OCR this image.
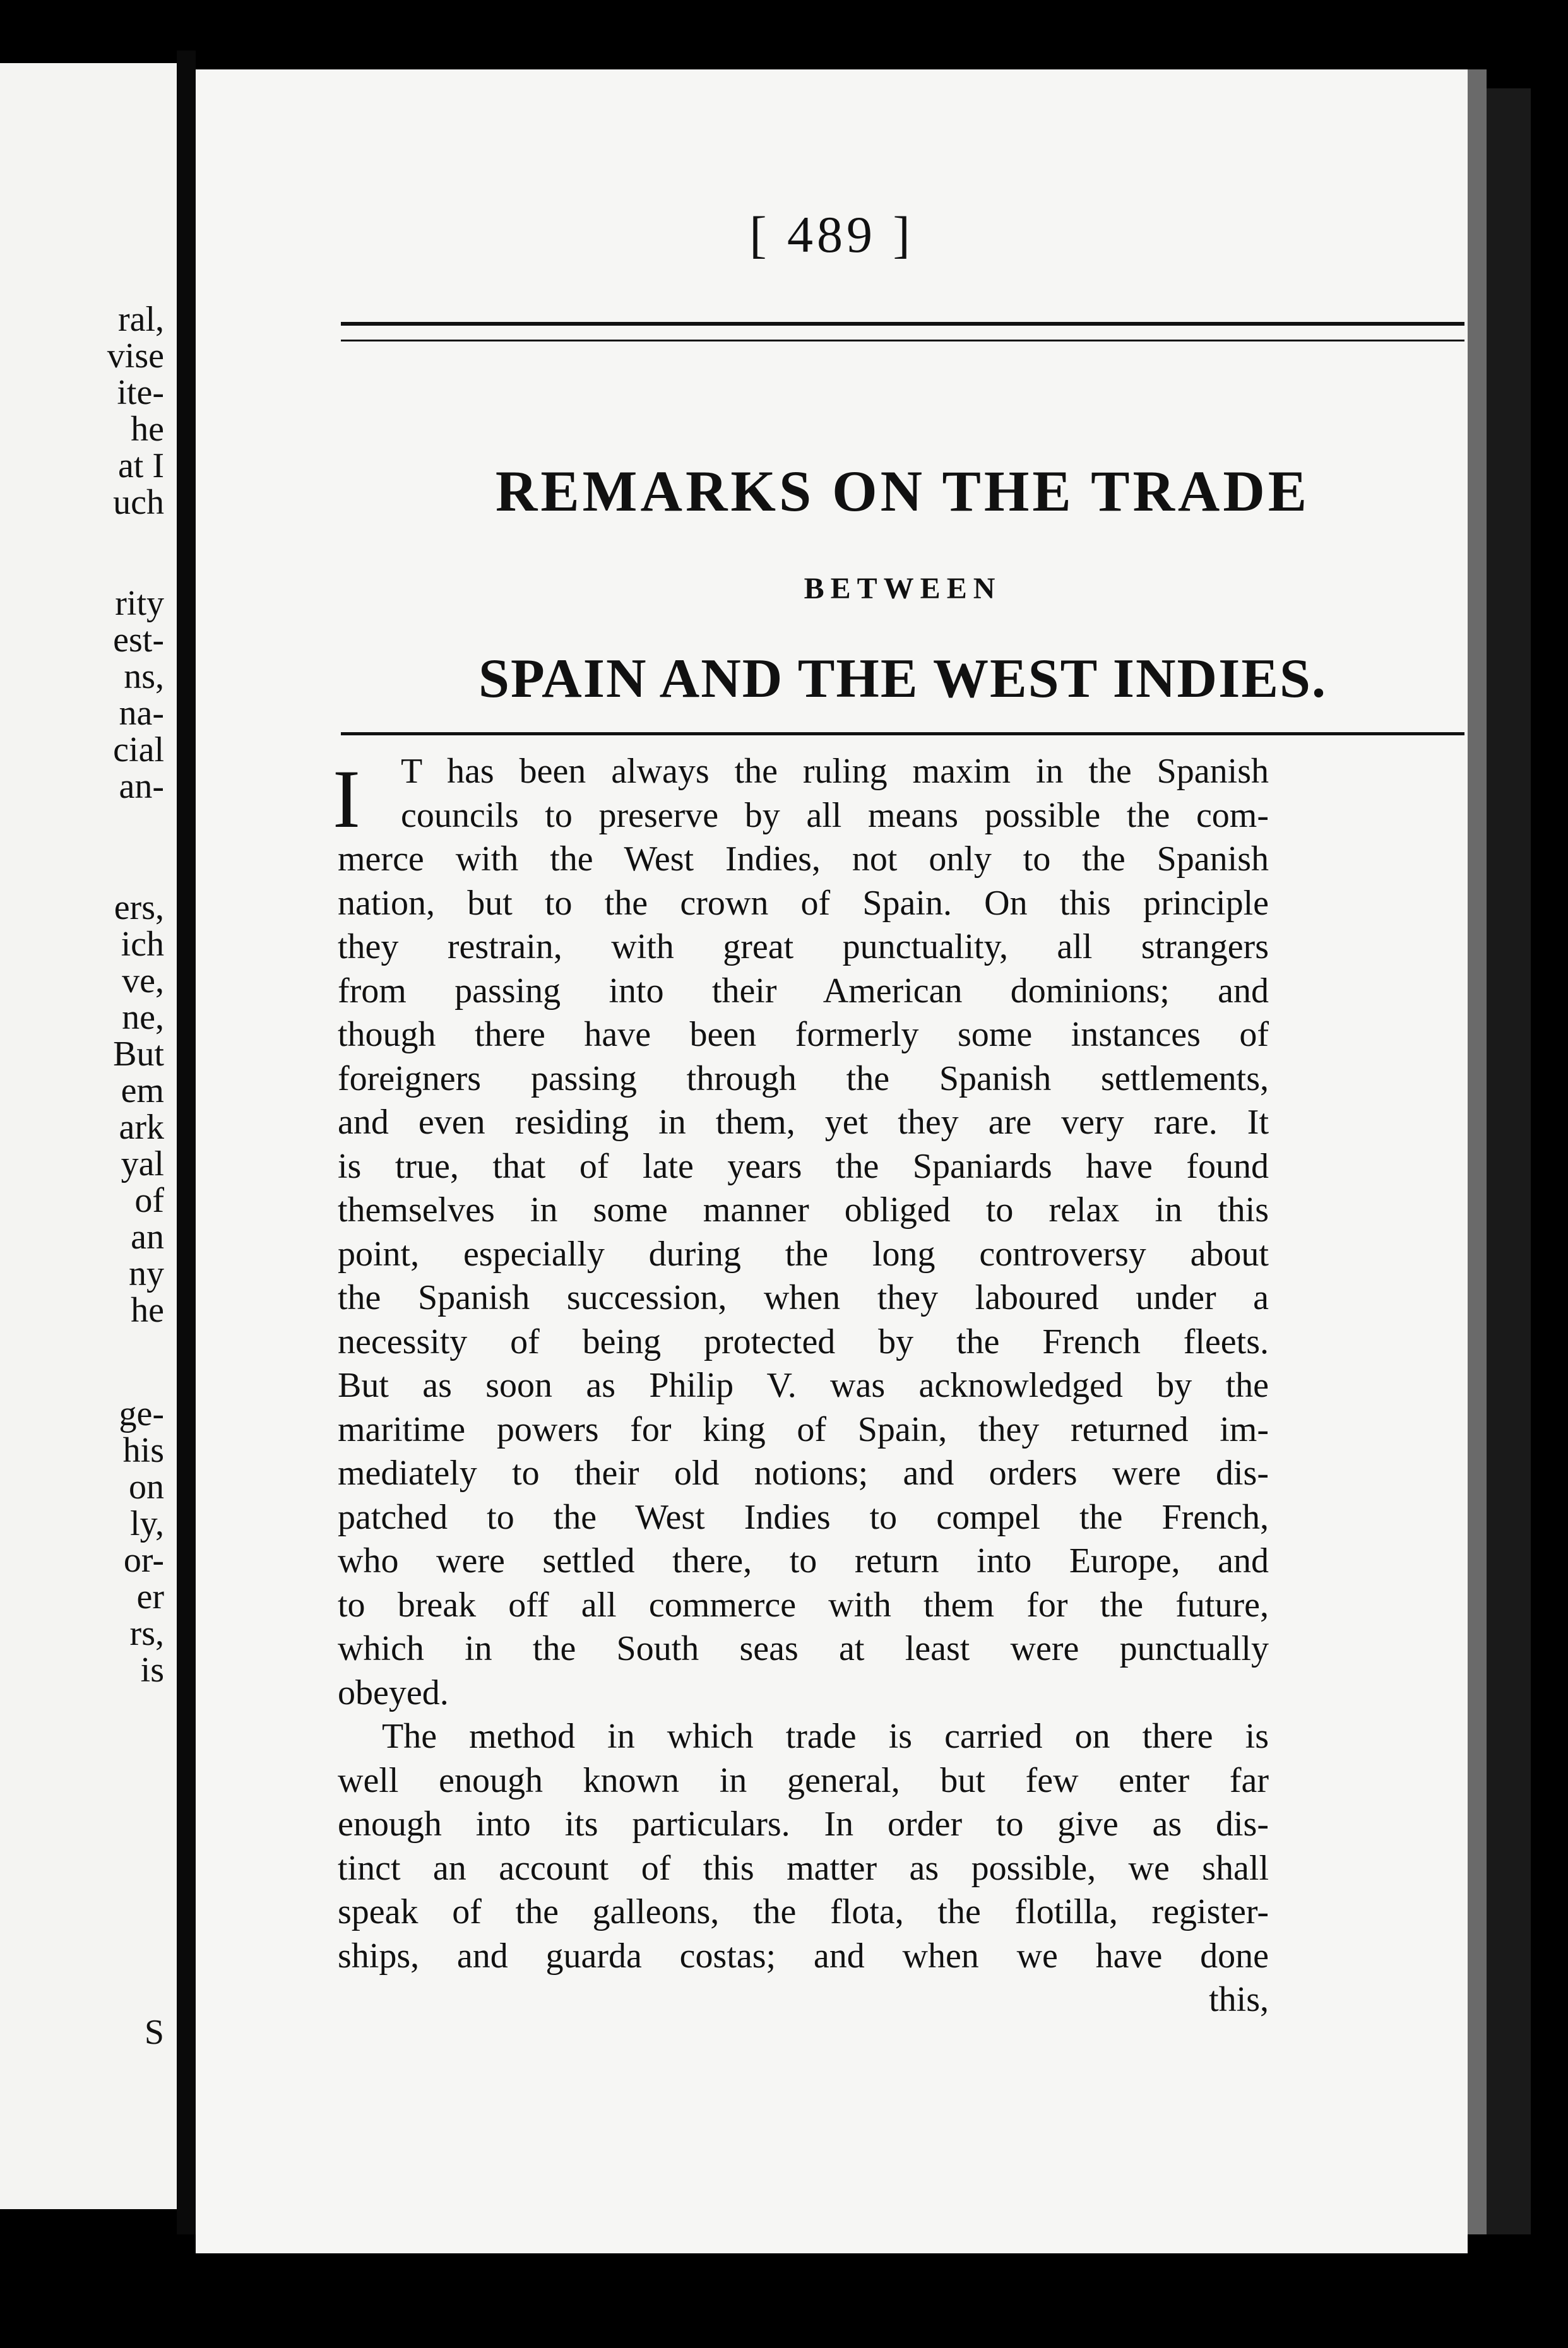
ral,
vise
ite-
he
at I
uch
rity
est-
ns,
na-
cial
an-
ers,
ich
ve,
ne,
But
em
ark
yal
of
an
ny
he
ge-
his
on
ly,
or-
er
rs,
is
S
[ 489 ]
REMARKS ON THE TRADE
BETWEEN
SPAIN AND THE WEST INDIES.
I	T has been always the ruling maxim in the Spanish
councils to preserve by all means possible the com-
merce with the West Indies, not only to the Spanish
nation, but to the crown of Spain. On this principle
they restrain, with great punctuality, all strangers
from passing into their American dominions; and
though there have been formerly some instances of
foreigners passing through the Spanish settlements,
and even residing in them, yet they are very rare. It
is true, that of late years the Spaniards have found
themselves in some manner obliged to relax in this
point, especially during the long controversy about
the Spanish succession, when they laboured under a
necessity of being protected by the French fleets.
But as soon as Philip V. was acknowledged by the
maritime powers for king of Spain, they returned im-
mediately to their old notions; and orders were dis-
patched to the West Indies to compel the French,
who were settled there, to return into Europe, and
to break off all commerce with them for the future,
which in the South seas at least were punctually
obeyed.
The method in which trade is carried on there is
well enough known in general, but few enter far
enough into its particulars. In order to give as dis-
tinct an account of this matter as possible, we shall
speak of the galleons, the flota, the flotilla, register-
ships, and guarda costas; and when we have done
this,
